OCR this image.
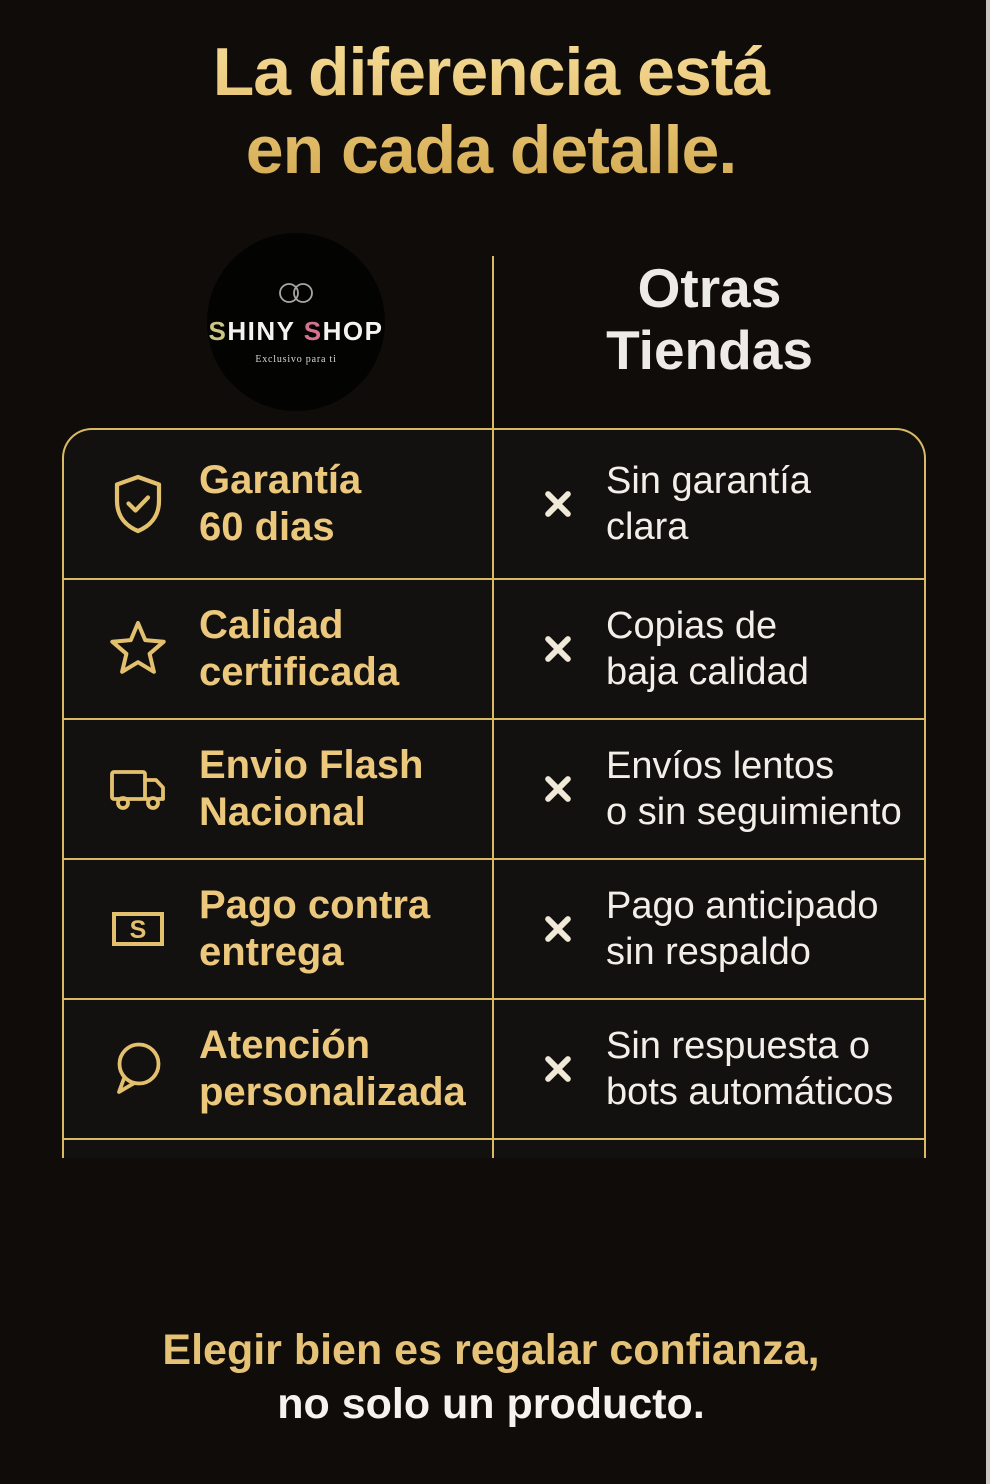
La diferencia está
en cada detalle.
SHINY SHOP
Exclusivo para ti
Otras
Tiendas
Garantía
60 dias
Sin garantía
clara
Calidad
certificada
Copias de
baja calidad
Envio Flash
Nacional
Envíos lentos
o sin seguimiento
S
Pago contra
entrega
Pago anticipado
sin respaldo
Atención
personalizada
Sin respuesta o
bots automáticos
Elegir bien es regalar confianza,
no solo un producto.
